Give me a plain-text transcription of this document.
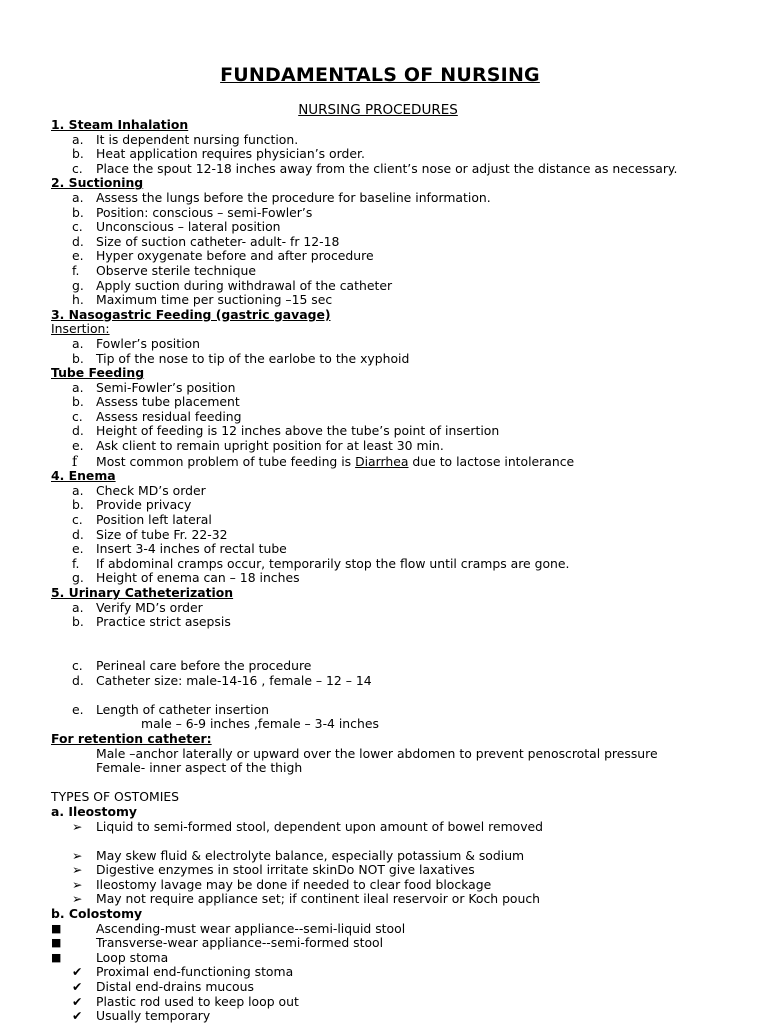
FUNDAMENTALS OF NURSING
NURSING PROCEDURES
1. Steam Inhalation
a.	It is dependent nursing function.
b. Heat application requires physician’s order.
c.	Place the spout 12-18 inches away from the client’s nose or adjust the distance as necessary.
2. Suctioning
a.	Assess the lungs before the procedure for baseline information.
b. Position: conscious – semi-Fowler’s
c.	Unconscious – lateral position
d. Size of suction catheter- adult- fr 12-18
e.	Hyper oxygenate before and after procedure
f.	Observe sterile technique
g. Apply suction during withdrawal of the catheter
h. Maximum time per suctioning –15 sec
3. Nasogastric Feeding (gastric gavage)
Insertion:
a.	Fowler’s position
b. Tip of the nose to tip of the earlobe to the xyphoid
Tube Feeding
a.	Semi-Fowler’s position
b. Assess tube placement
c.	Assess residual feeding
d. Height of feeding is 12 inches above the tube’s point of insertion
e.	Ask client to remain upright position for at least 30 min.
f	Most common problem of tube feeding is Diarrhea due to lactose intolerance
4. Enema
a.	Check MD’s order
b. Provide privacy
c.	Position left lateral
d. Size of tube Fr. 22-32
e.	Insert 3-4 inches of rectal tube
f.	If abdominal cramps occur, temporarily stop the flow until cramps are gone.
g. Height of enema can – 18 inches
5. Urinary Catheterization
a.	Verify MD’s order
b. Practice strict asepsis
c.	Perineal care before the procedure
d. Catheter size: male-14-16 , female – 12 – 14
e.	Length of catheter insertion
male – 6-9 inches ,female – 3-4 inches
For retention catheter:
Male –anchor laterally or upward over the lower abdomen to prevent penoscrotal pressure
Female- inner aspect of the thigh
TYPES OF OSTOMIES
a. Ileostomy
➢	Liquid to semi-formed stool, dependent upon amount of bowel removed
➢	May skew fluid & electrolyte balance, especially potassium & sodium
➢	Digestive enzymes in stool irritate skinDo NOT give laxatives
➢	Ileostomy lavage may be done if needed to clear food blockage
➢	May not require appliance set; if continent ileal reservoir or Koch pouch
b. Colostomy
■	Ascending-must wear appliance--semi-liquid stool
■	Transverse-wear appliance--semi-formed stool
■	Loop stoma
✔	Proximal end-functioning stoma
✔	Distal end-drains mucous
✔	Plastic rod used to keep loop out
✔	Usually temporary
